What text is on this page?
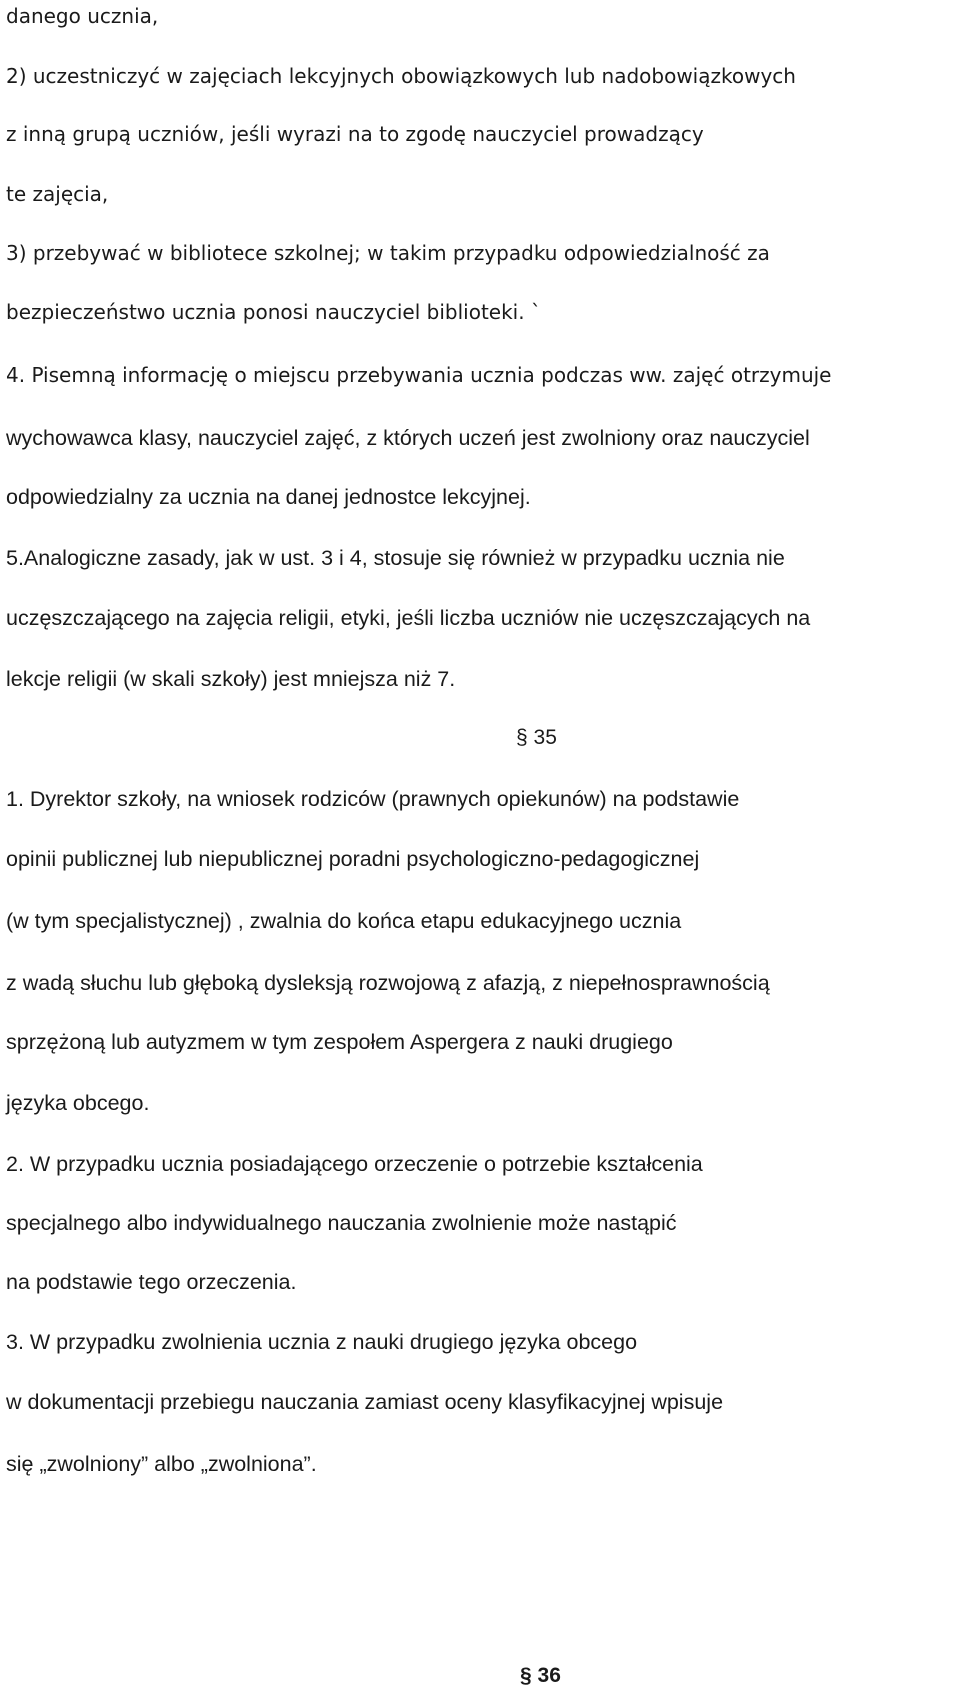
danego ucznia,
2) uczestniczyć w zajęciach lekcyjnych obowiązkowych lub nadobowiązkowych
z inną grupą uczniów, jeśli wyrazi na to zgodę nauczyciel prowadzący
te zajęcia,
3) przebywać w bibliotece szkolnej; w takim przypadku odpowiedzialność za
bezpieczeństwo ucznia ponosi nauczyciel biblioteki. `
4. Pisemną informację o miejscu przebywania ucznia podczas ww. zajęć otrzymuje
wychowawca klasy, nauczyciel zajęć, z których uczeń jest zwolniony oraz nauczyciel
odpowiedzialny za ucznia na danej jednostce lekcyjnej.
5.Analogiczne zasady, jak w ust. 3 i 4, stosuje się również w przypadku ucznia nie
uczęszczającego na zajęcia religii, etyki, jeśli liczba uczniów nie uczęszczających na
lekcje religii (w skali szkoły) jest mniejsza niż 7.
§ 35
1. Dyrektor szkoły, na wniosek rodziców (prawnych opiekunów) na podstawie
opinii publicznej lub niepublicznej poradni psychologiczno-pedagogicznej
(w tym specjalistycznej) , zwalnia do końca etapu edukacyjnego ucznia
z wadą słuchu lub głęboką dysleksją rozwojową z afazją, z niepełnosprawnością
sprzężoną lub autyzmem w tym zespołem Aspergera z nauki drugiego
języka obcego.
2. W przypadku ucznia posiadającego orzeczenie o potrzebie kształcenia
specjalnego albo indywidualnego nauczania zwolnienie może nastąpić
na podstawie tego orzeczenia.
3. W przypadku zwolnienia ucznia z nauki drugiego języka obcego
w dokumentacji przebiegu nauczania zamiast oceny klasyfikacyjnej wpisuje
się „zwolniony” albo „zwolniona”.
§ 36
